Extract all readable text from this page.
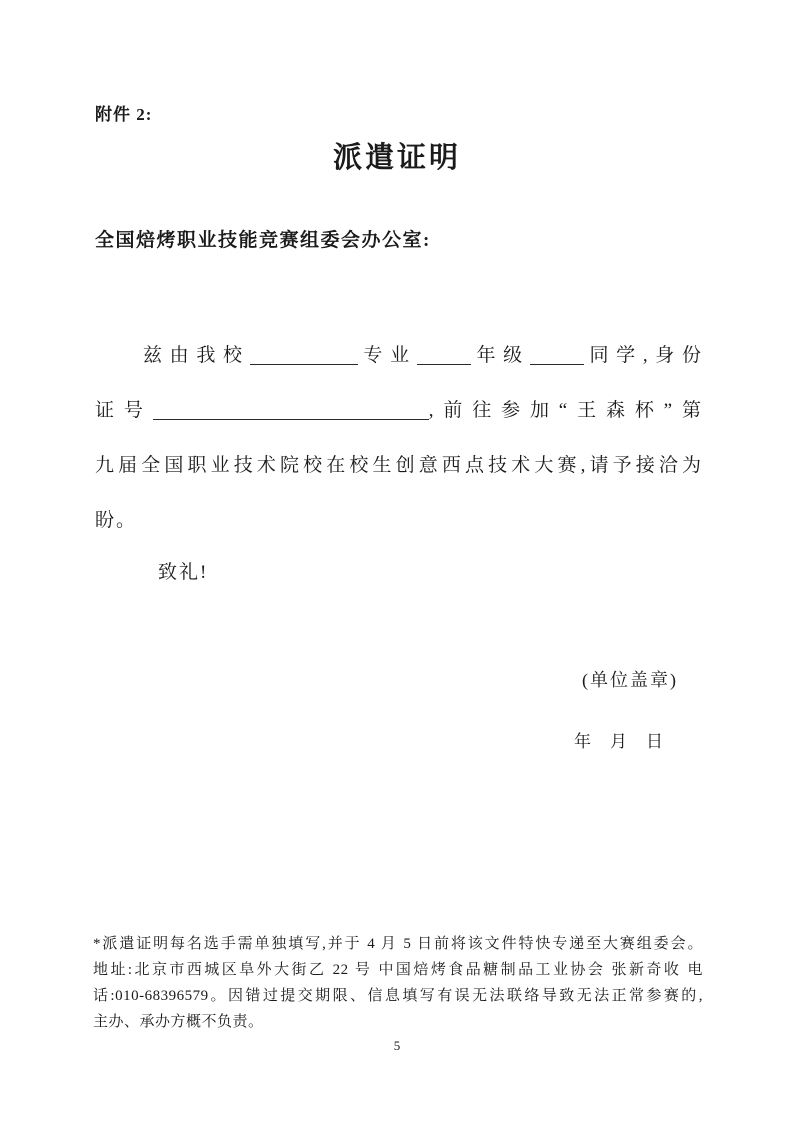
附件 2:
派遣证明
全国焙烤职业技能竞赛组委会办公室:
兹由我校	专业	年级	同学,身份
证号	,前往参加“王森杯”第
九届全国职业技术院校在校生创意西点技术大赛,请予接洽为
盼。
致礼!
(单位盖章)
年　月　日
*派遣证明每名选手需单独填写,并于 4 月 5 日前将该文件特快专递至大赛组委会。
地址:北京市西城区阜外大街乙 22 号 中国焙烤食品糖制品工业协会 张新奇收 电
话:010-68396579。因错过提交期限、信息填写有误无法联络导致无法正常参赛的,
主办、承办方概不负责。
5
